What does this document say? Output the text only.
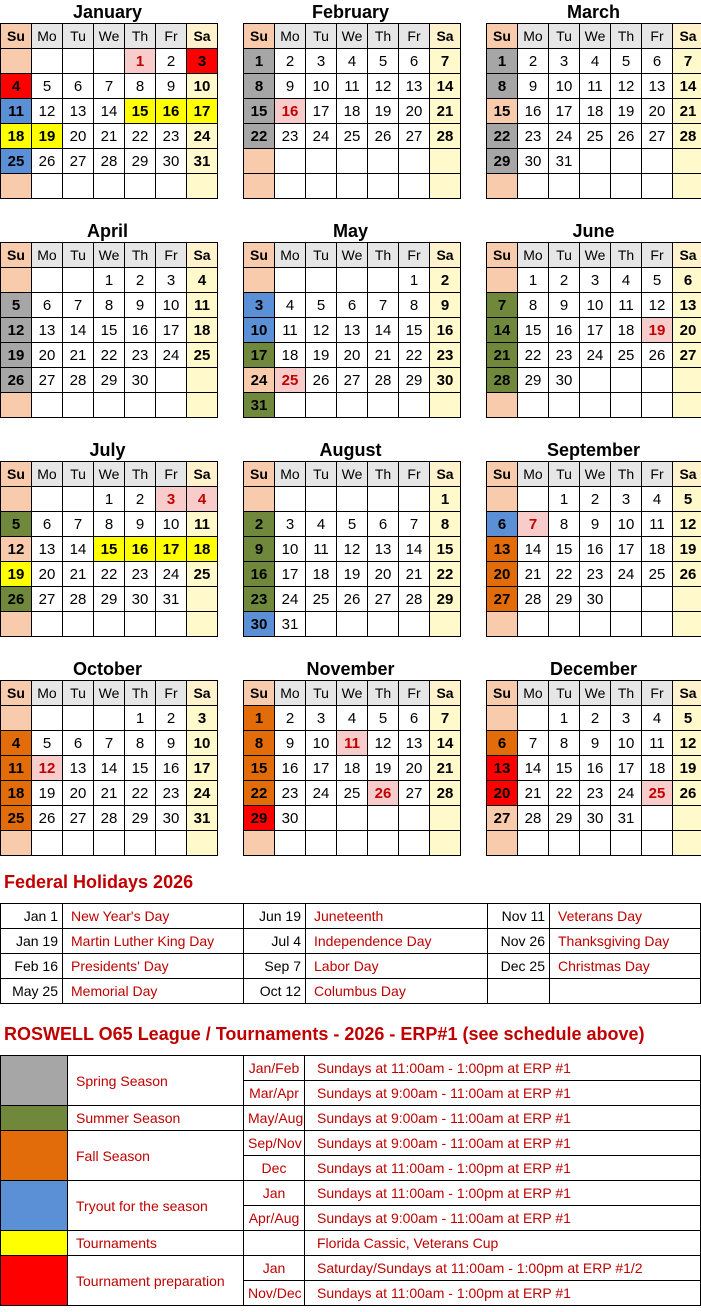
January
Su	Mo	Tu	We	Th	Fr	Sa
				1	2	3
4	5	6	7	8	9	10
11	12	13	14	15	16	17
18	19	20	21	22	23	24
25	26	27	28	29	30	31

February
Su	Mo	Tu	We	Th	Fr	Sa
1	2	3	4	5	6	7
8	9	10	11	12	13	14
15	16	17	18	19	20	21
22	23	24	25	26	27	28

March
Su	Mo	Tu	We	Th	Fr	Sa
1	2	3	4	5	6	7
8	9	10	11	12	13	14
15	16	17	18	19	20	21
22	23	24	25	26	27	28
29	30	31				

April
Su	Mo	Tu	We	Th	Fr	Sa
			1	2	3	4
5	6	7	8	9	10	11
12	13	14	15	16	17	18
19	20	21	22	23	24	25
26	27	28	29	30		

May
Su	Mo	Tu	We	Th	Fr	Sa
					1	2
3	4	5	6	7	8	9
10	11	12	13	14	15	16
17	18	19	20	21	22	23
24	25	26	27	28	29	30
31						
June
Su	Mo	Tu	We	Th	Fr	Sa
	1	2	3	4	5	6
7	8	9	10	11	12	13
14	15	16	17	18	19	20
21	22	23	24	25	26	27
28	29	30				

July
Su	Mo	Tu	We	Th	Fr	Sa
			1	2	3	4
5	6	7	8	9	10	11
12	13	14	15	16	17	18
19	20	21	22	23	24	25
26	27	28	29	30	31	

August
Su	Mo	Tu	We	Th	Fr	Sa
						1
2	3	4	5	6	7	8
9	10	11	12	13	14	15
16	17	18	19	20	21	22
23	24	25	26	27	28	29
30	31					
September
Su	Mo	Tu	We	Th	Fr	Sa
		1	2	3	4	5
6	7	8	9	10	11	12
13	14	15	16	17	18	19
20	21	22	23	24	25	26
27	28	29	30			

October
Su	Mo	Tu	We	Th	Fr	Sa
				1	2	3
4	5	6	7	8	9	10
11	12	13	14	15	16	17
18	19	20	21	22	23	24
25	26	27	28	29	30	31

November
Su	Mo	Tu	We	Th	Fr	Sa
1	2	3	4	5	6	7
8	9	10	11	12	13	14
15	16	17	18	19	20	21
22	23	24	25	26	27	28
29	30					

December
Su	Mo	Tu	We	Th	Fr	Sa
		1	2	3	4	5
6	7	8	9	10	11	12
13	14	15	16	17	18	19
20	21	22	23	24	25	26
27	28	29	30	31		

Federal Holidays 2026
Jan 1	New Year's Day	Jun 19	Juneteenth	Nov 11	Veterans Day
Jan 19	Martin Luther King Day	Jul 4	Independence Day	Nov 26	Thanksgiving Day
Feb 16	Presidents' Day	Sep 7	Labor Day	Dec 25	Christmas Day
May 25	Memorial Day	Oct 12	Columbus Day		
ROSWELL O65 League / Tournaments - 2026 - ERP#1 (see schedule above)
	Spring Season	Jan/Feb	Sundays at 11:00am - 1:00pm at ERP #1
		Mar/Apr	Sundays at 9:00am - 11:00am at ERP #1
	Summer Season	May/Aug	Sundays at 9:00am - 11:00am at ERP #1
	Fall Season	Sep/Nov	Sundays at 9:00am - 11:00am at ERP #1
		Dec	Sundays at 11:00am - 1:00pm at ERP #1
	Tryout for the season	Jan	Sundays at 11:00am - 1:00pm at ERP #1
		Apr/Aug	Sundays at 9:00am - 11:00am at ERP #1
	Tournaments		Florida Cassic, Veterans Cup
	Tournament preparation	Jan	Saturday/Sundays at 11:00am - 1:00pm at ERP #1/2
		Nov/Dec	Sundays at 11:00am - 1:00pm at ERP #1
